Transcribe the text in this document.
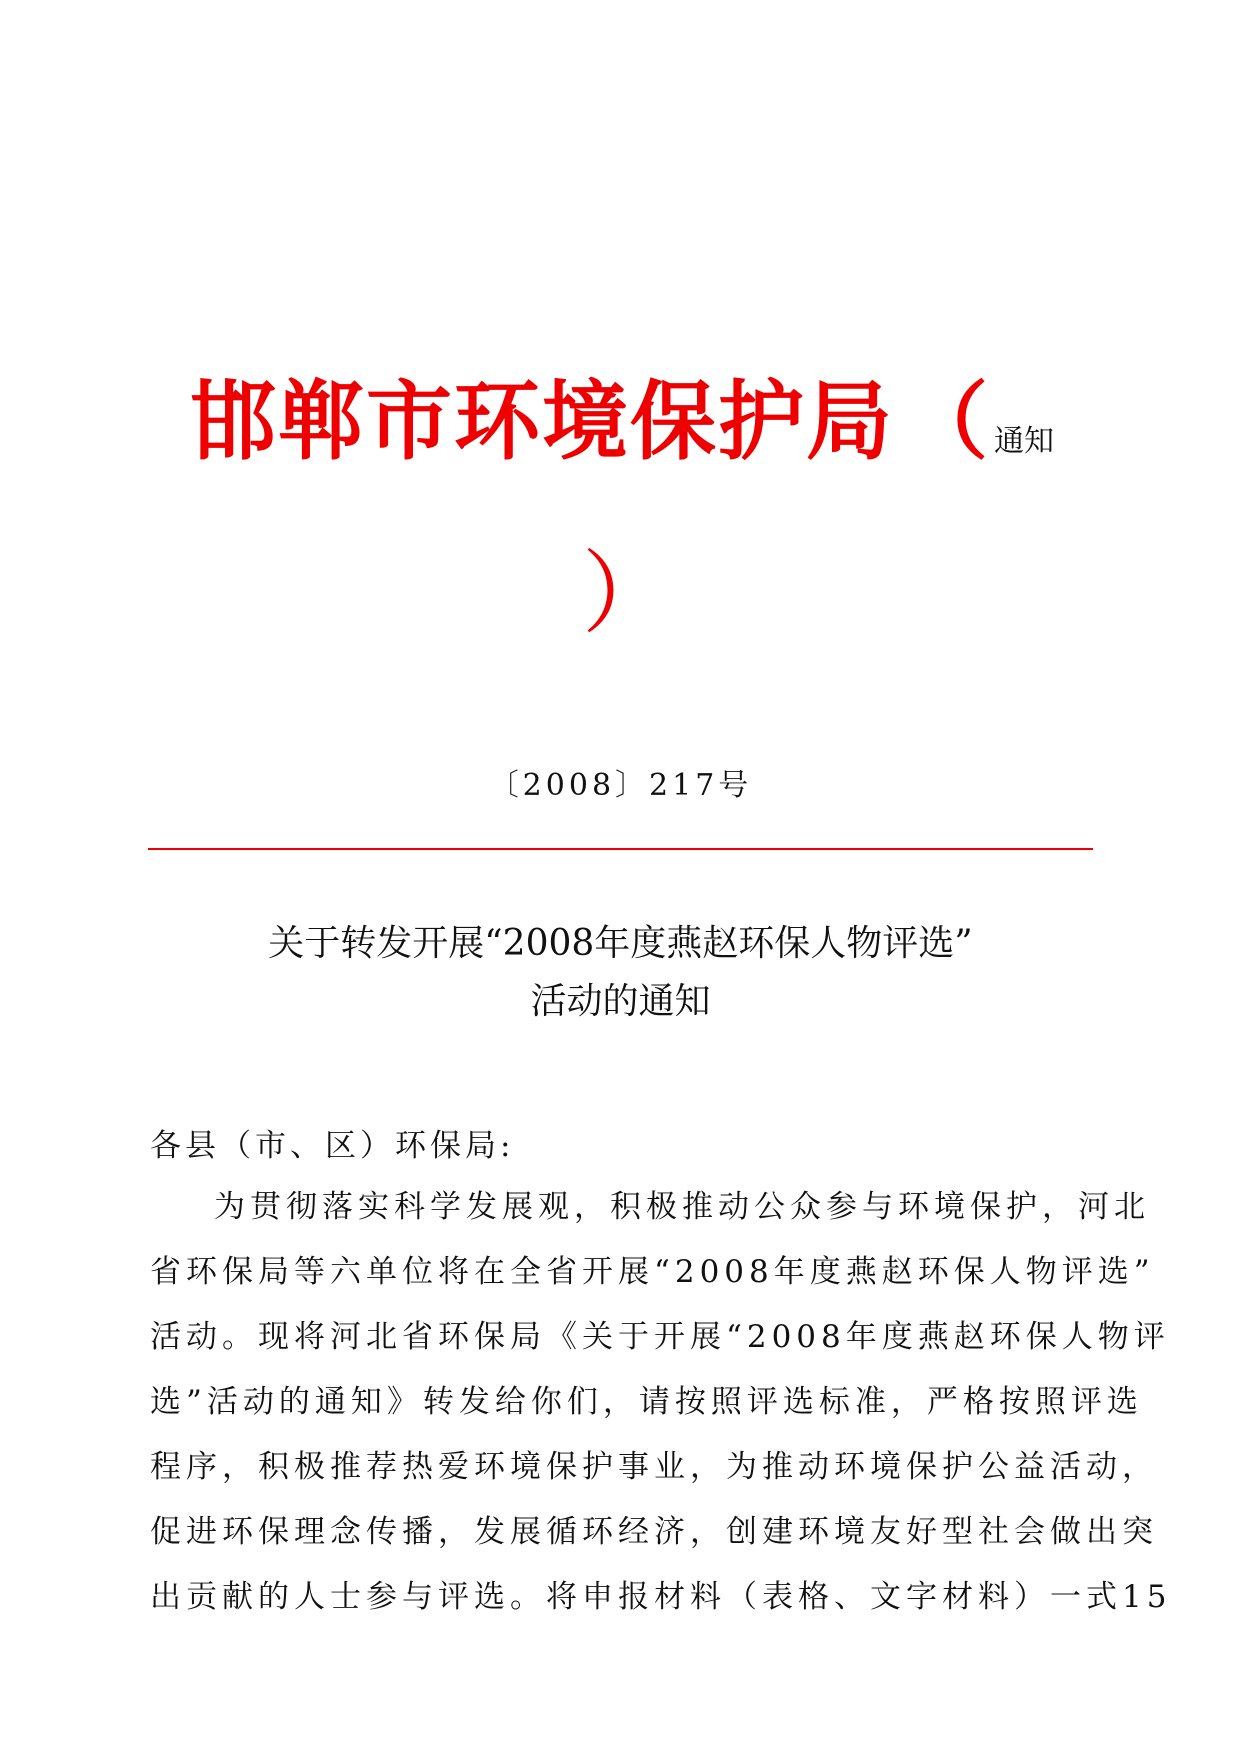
邯郸市环境保护局 （ 通知
）
〔2008〕217号
关于转发开展“2008年度燕赵环保人物评选”
活动的通知
各县（市、区）环保局:
为贯彻落实科学发展观，积极推动公众参与环境保护，河北
省环保局等六单位将在全省开展“2008年度燕赵环保人物评选”
活动。现将河北省环保局《关于开展“2008年度燕赵环保人物评
选”活动的通知》转发给你们，请按照评选标准，严格按照评选
程序，积极推荐热爱环境保护事业，为推动环境保护公益活动，
促进环保理念传播，发展循环经济，创建环境友好型社会做出突
出贡献的人士参与评选。将申报材料（表格、文字材料）一式15
